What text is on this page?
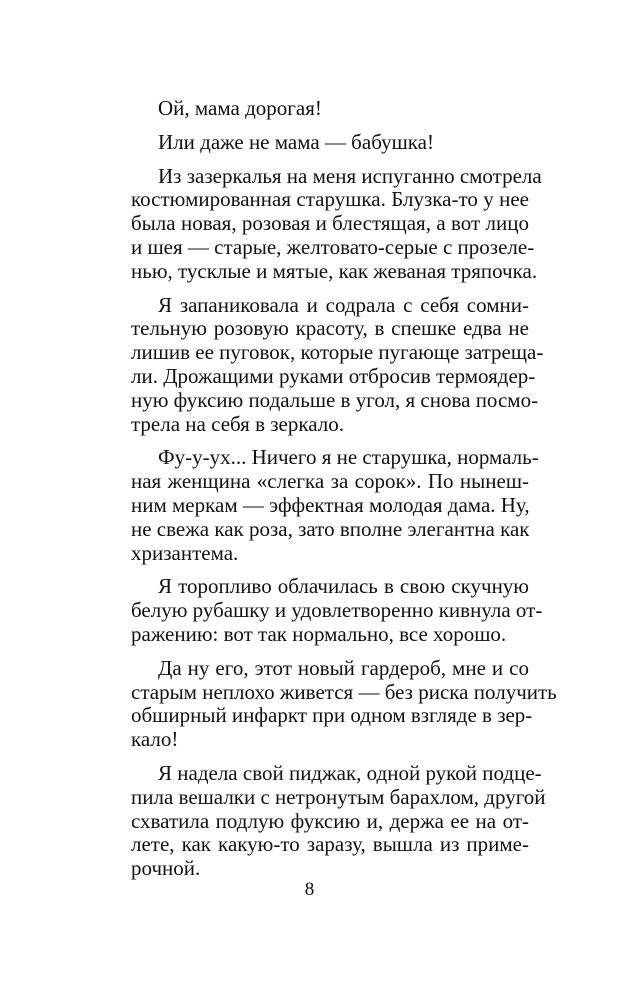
Ой, мама дорогая!
Или даже не мама — бабушка!
Из зазеркалья на меня испуганно смотрела
костюмированная старушка. Блузка-то у нее
была новая, розовая и блестящая, а вот лицо
и шея — старые, желтовато-серые с прозеле-
нью, тусклые и мятые, как жеваная тряпочка.
Я запаниковала и содрала с себя сомни-
тельную розовую красоту, в спешке едва не
лишив ее пуговок, которые пугающе затреща-
ли. Дрожащими руками отбросив термоядер-
ную фуксию подальше в угол, я снова посмо-
трела на себя в зеркало.
Фу-у-ух... Ничего я не старушка, нормаль-
ная женщина «слегка за сорок». По нынеш-
ним меркам — эффектная молодая дама. Ну,
не свежа как роза, зато вполне элегантна как
хризантема.
Я торопливо облачилась в свою скучную
белую рубашку и удовлетворенно кивнула от-
ражению: вот так нормально, все хорошо.
Да ну его, этот новый гардероб, мне и со
старым неплохо живется — без риска получить
обширный инфаркт при одном взгляде в зер-
кало!
Я надела свой пиджак, одной рукой подце-
пила вешалки с нетронутым барахлом, другой
схватила подлую фуксию и, держа ее на от-
лете, как какую-то заразу, вышла из приме-
рочной.
8
